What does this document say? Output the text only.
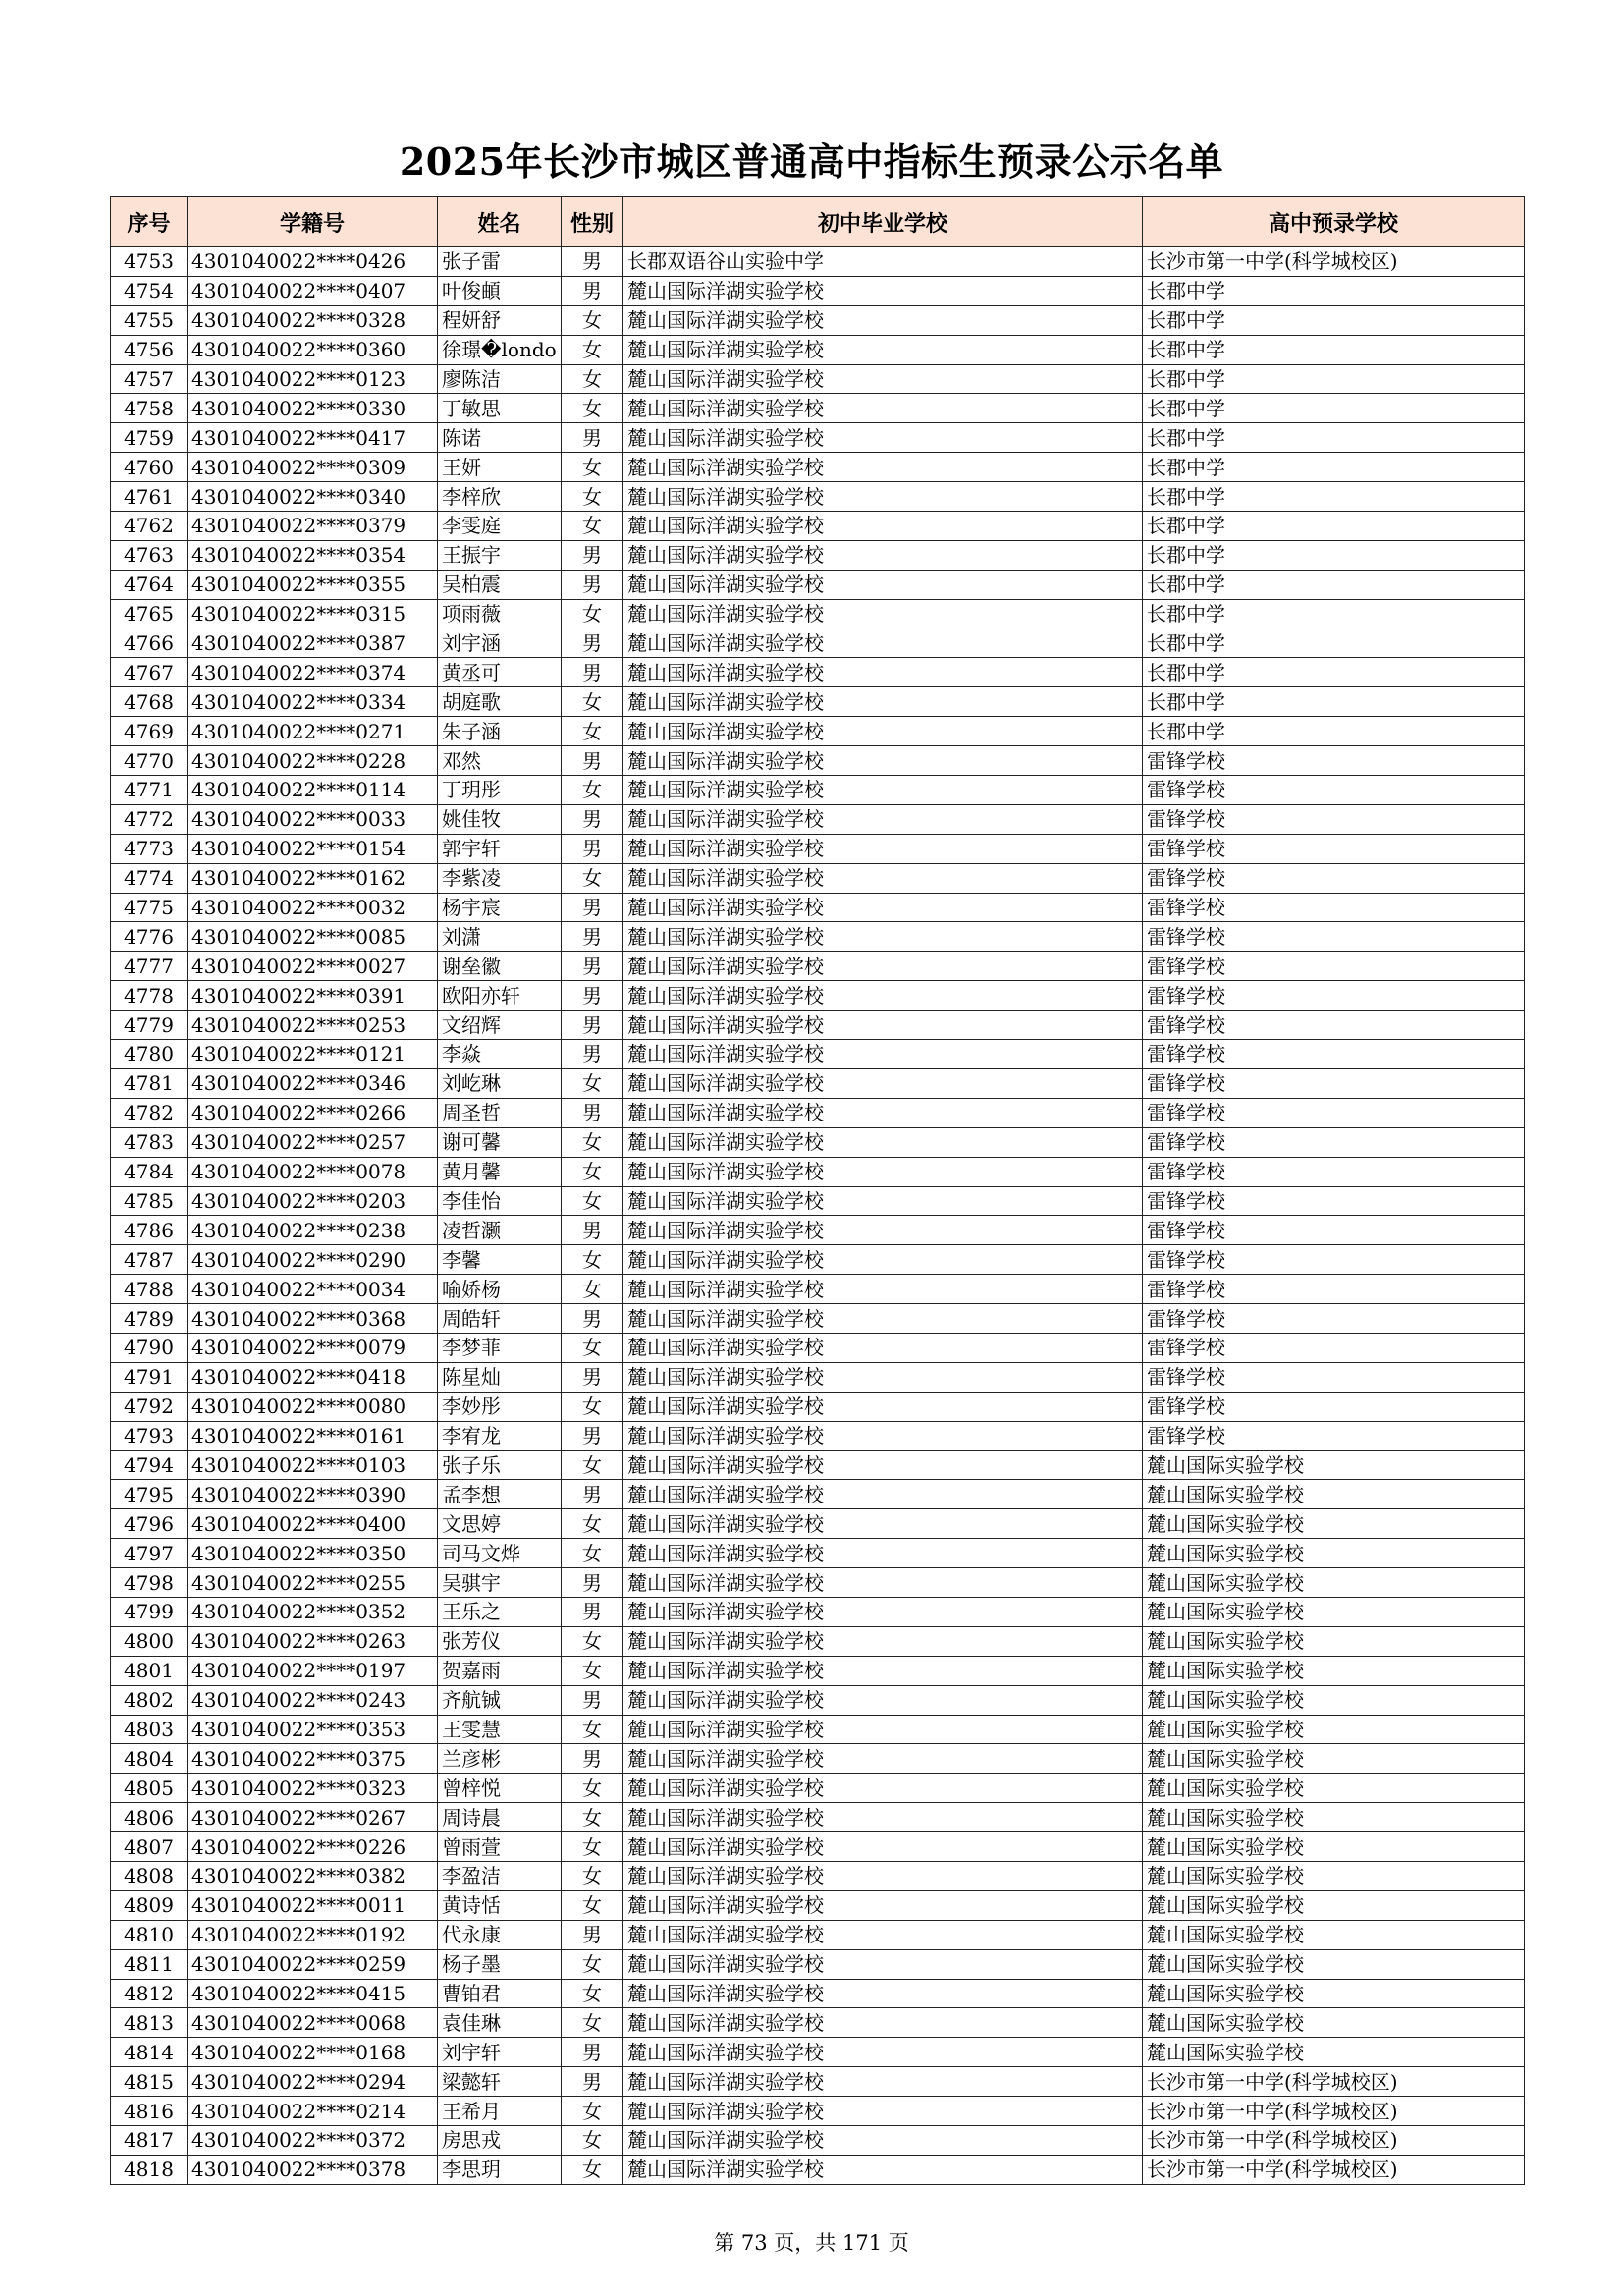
2025年长沙市城区普通高中指标生预录公示名单
序号	学籍号	姓名	性别	初中毕业学校	高中预录学校
4753	4301040022****0426	张子雷	男	长郡双语谷山实验中学	长沙市第一中学(科学城校区)
4754	4301040022****0407	叶俊頔	男	麓山国际洋湖实验学校	长郡中学
4755	4301040022****0328	程妍舒	女	麓山国际洋湖实验学校	长郡中学
4756	4301040022****0360	徐璟�londo	女	麓山国际洋湖实验学校	长郡中学
4757	4301040022****0123	廖陈洁	女	麓山国际洋湖实验学校	长郡中学
4758	4301040022****0330	丁敏思	女	麓山国际洋湖实验学校	长郡中学
4759	4301040022****0417	陈诺	男	麓山国际洋湖实验学校	长郡中学
4760	4301040022****0309	王妍	女	麓山国际洋湖实验学校	长郡中学
4761	4301040022****0340	李梓欣	女	麓山国际洋湖实验学校	长郡中学
4762	4301040022****0379	李雯庭	女	麓山国际洋湖实验学校	长郡中学
4763	4301040022****0354	王振宇	男	麓山国际洋湖实验学校	长郡中学
4764	4301040022****0355	吴柏震	男	麓山国际洋湖实验学校	长郡中学
4765	4301040022****0315	项雨薇	女	麓山国际洋湖实验学校	长郡中学
4766	4301040022****0387	刘宇涵	男	麓山国际洋湖实验学校	长郡中学
4767	4301040022****0374	黄丞可	男	麓山国际洋湖实验学校	长郡中学
4768	4301040022****0334	胡庭歌	女	麓山国际洋湖实验学校	长郡中学
4769	4301040022****0271	朱子涵	女	麓山国际洋湖实验学校	长郡中学
4770	4301040022****0228	邓然	男	麓山国际洋湖实验学校	雷锋学校
4771	4301040022****0114	丁玥彤	女	麓山国际洋湖实验学校	雷锋学校
4772	4301040022****0033	姚佳牧	男	麓山国际洋湖实验学校	雷锋学校
4773	4301040022****0154	郭宇轩	男	麓山国际洋湖实验学校	雷锋学校
4774	4301040022****0162	李紫凌	女	麓山国际洋湖实验学校	雷锋学校
4775	4301040022****0032	杨宇宸	男	麓山国际洋湖实验学校	雷锋学校
4776	4301040022****0085	刘潇	男	麓山国际洋湖实验学校	雷锋学校
4777	4301040022****0027	谢垒徽	男	麓山国际洋湖实验学校	雷锋学校
4778	4301040022****0391	欧阳亦轩	男	麓山国际洋湖实验学校	雷锋学校
4779	4301040022****0253	文绍辉	男	麓山国际洋湖实验学校	雷锋学校
4780	4301040022****0121	李焱	男	麓山国际洋湖实验学校	雷锋学校
4781	4301040022****0346	刘屹琳	女	麓山国际洋湖实验学校	雷锋学校
4782	4301040022****0266	周圣哲	男	麓山国际洋湖实验学校	雷锋学校
4783	4301040022****0257	谢可馨	女	麓山国际洋湖实验学校	雷锋学校
4784	4301040022****0078	黄月馨	女	麓山国际洋湖实验学校	雷锋学校
4785	4301040022****0203	李佳怡	女	麓山国际洋湖实验学校	雷锋学校
4786	4301040022****0238	凌哲灏	男	麓山国际洋湖实验学校	雷锋学校
4787	4301040022****0290	李馨	女	麓山国际洋湖实验学校	雷锋学校
4788	4301040022****0034	喻娇杨	女	麓山国际洋湖实验学校	雷锋学校
4789	4301040022****0368	周皓轩	男	麓山国际洋湖实验学校	雷锋学校
4790	4301040022****0079	李梦菲	女	麓山国际洋湖实验学校	雷锋学校
4791	4301040022****0418	陈星灿	男	麓山国际洋湖实验学校	雷锋学校
4792	4301040022****0080	李妙彤	女	麓山国际洋湖实验学校	雷锋学校
4793	4301040022****0161	李宥龙	男	麓山国际洋湖实验学校	雷锋学校
4794	4301040022****0103	张子乐	女	麓山国际洋湖实验学校	麓山国际实验学校
4795	4301040022****0390	孟李想	男	麓山国际洋湖实验学校	麓山国际实验学校
4796	4301040022****0400	文思婷	女	麓山国际洋湖实验学校	麓山国际实验学校
4797	4301040022****0350	司马文烨	女	麓山国际洋湖实验学校	麓山国际实验学校
4798	4301040022****0255	吴骐宇	男	麓山国际洋湖实验学校	麓山国际实验学校
4799	4301040022****0352	王乐之	男	麓山国际洋湖实验学校	麓山国际实验学校
4800	4301040022****0263	张芳仪	女	麓山国际洋湖实验学校	麓山国际实验学校
4801	4301040022****0197	贺嘉雨	女	麓山国际洋湖实验学校	麓山国际实验学校
4802	4301040022****0243	齐航铖	男	麓山国际洋湖实验学校	麓山国际实验学校
4803	4301040022****0353	王雯慧	女	麓山国际洋湖实验学校	麓山国际实验学校
4804	4301040022****0375	兰彦彬	男	麓山国际洋湖实验学校	麓山国际实验学校
4805	4301040022****0323	曾梓悦	女	麓山国际洋湖实验学校	麓山国际实验学校
4806	4301040022****0267	周诗晨	女	麓山国际洋湖实验学校	麓山国际实验学校
4807	4301040022****0226	曾雨萱	女	麓山国际洋湖实验学校	麓山国际实验学校
4808	4301040022****0382	李盈洁	女	麓山国际洋湖实验学校	麓山国际实验学校
4809	4301040022****0011	黄诗恬	女	麓山国际洋湖实验学校	麓山国际实验学校
4810	4301040022****0192	代永康	男	麓山国际洋湖实验学校	麓山国际实验学校
4811	4301040022****0259	杨子墨	女	麓山国际洋湖实验学校	麓山国际实验学校
4812	4301040022****0415	曹铂君	女	麓山国际洋湖实验学校	麓山国际实验学校
4813	4301040022****0068	袁佳琳	女	麓山国际洋湖实验学校	麓山国际实验学校
4814	4301040022****0168	刘宇轩	男	麓山国际洋湖实验学校	麓山国际实验学校
4815	4301040022****0294	梁懿轩	男	麓山国际洋湖实验学校	长沙市第一中学(科学城校区)
4816	4301040022****0214	王希月	女	麓山国际洋湖实验学校	长沙市第一中学(科学城校区)
4817	4301040022****0372	房思戎	女	麓山国际洋湖实验学校	长沙市第一中学(科学城校区)
4818	4301040022****0378	李思玥	女	麓山国际洋湖实验学校	长沙市第一中学(科学城校区)
第 73 页，共 171 页
